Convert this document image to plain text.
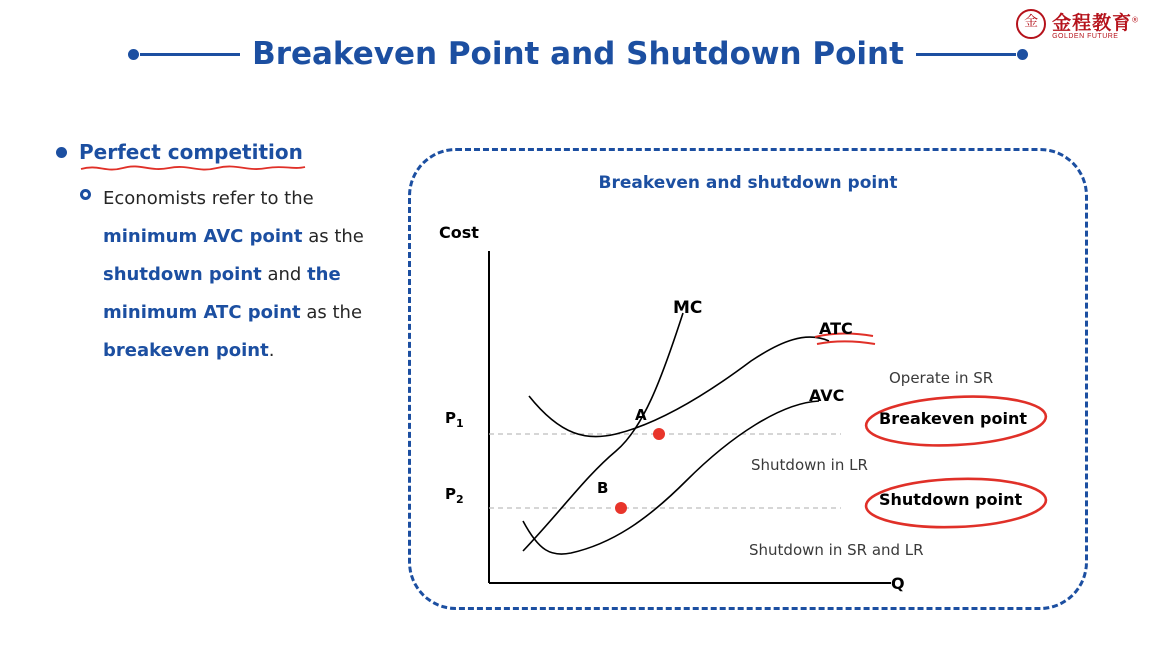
金 金程教育®
GOLDEN FUTURE
Breakeven Point and Shutdown Point
Perfect competition
Economists refer to the minimum AVC point as the shutdown point and the minimum ATC point as the breakeven point.
Breakeven and shutdown point
Cost
Q
MC
ATC
AVC
A
B
$P_1$
$P_2$
Operate in SR
Shutdown in LR
Shutdown in SR and LR
Breakeven point
Shutdown point
